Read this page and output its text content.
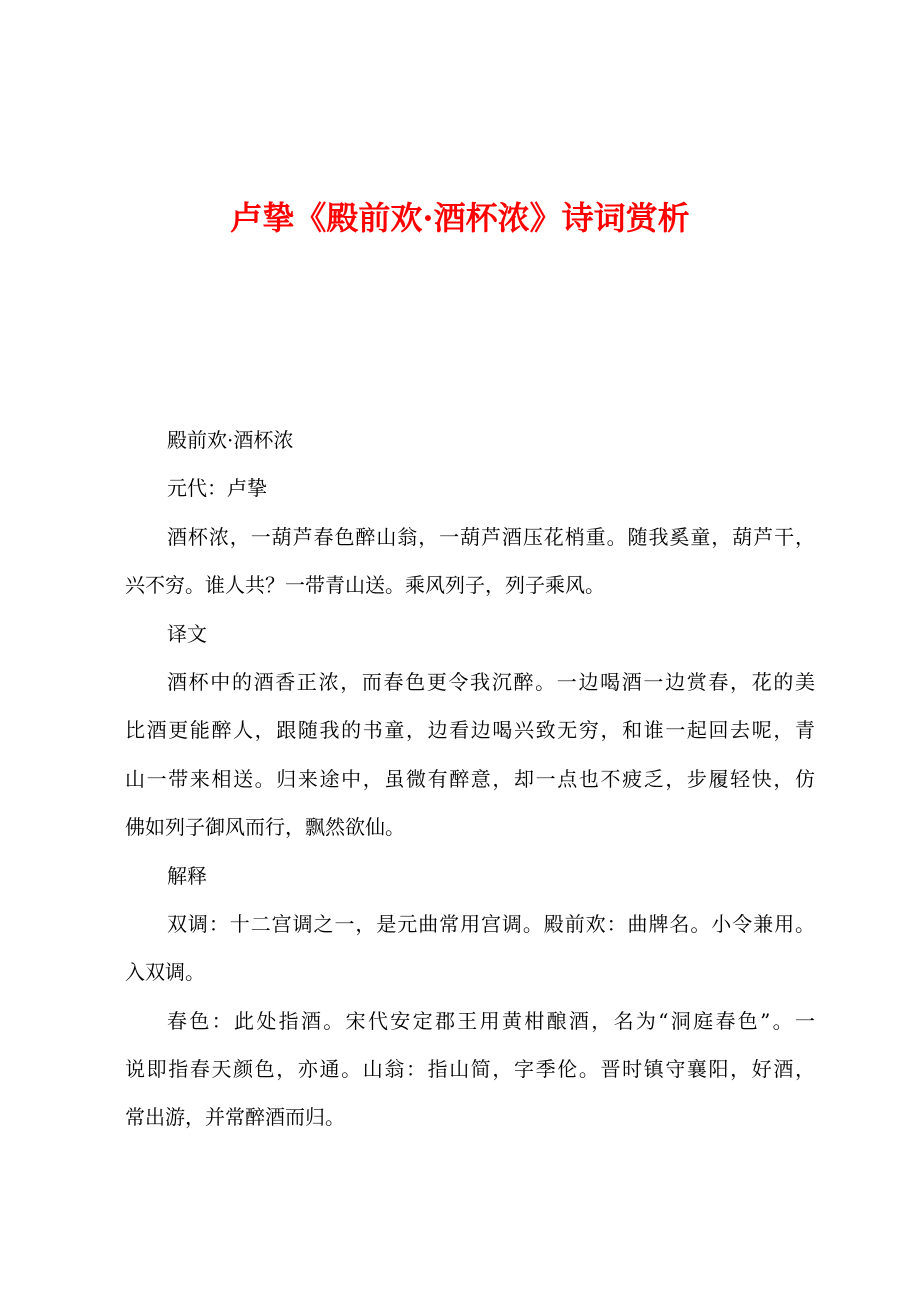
卢挚《殿前欢·酒杯浓》诗词赏析
殿前欢·酒杯浓
元代：卢挚
酒杯浓，一葫芦春色醉山翁，一葫芦酒压花梢重。随我奚童，葫芦干，
兴不穷。谁人共？一带青山送。乘风列子，列子乘风。
译文
酒杯中的酒香正浓，而春色更令我沉醉。一边喝酒一边赏春，花的美
比酒更能醉人，跟随我的书童，边看边喝兴致无穷，和谁一起回去呢，青
山一带来相送。归来途中，虽微有醉意，却一点也不疲乏，步履轻快，仿
佛如列子御风而行，飘然欲仙。
解释
双调：十二宫调之一，是元曲常用宫调。殿前欢：曲牌名。小令兼用。
入双调。
春色：此处指酒。宋代安定郡王用黄柑酿酒，名为“洞庭春色”。一
说即指春天颜色，亦通。山翁：指山简，字季伦。晋时镇守襄阳，好酒，
常出游，并常醉酒而归。
